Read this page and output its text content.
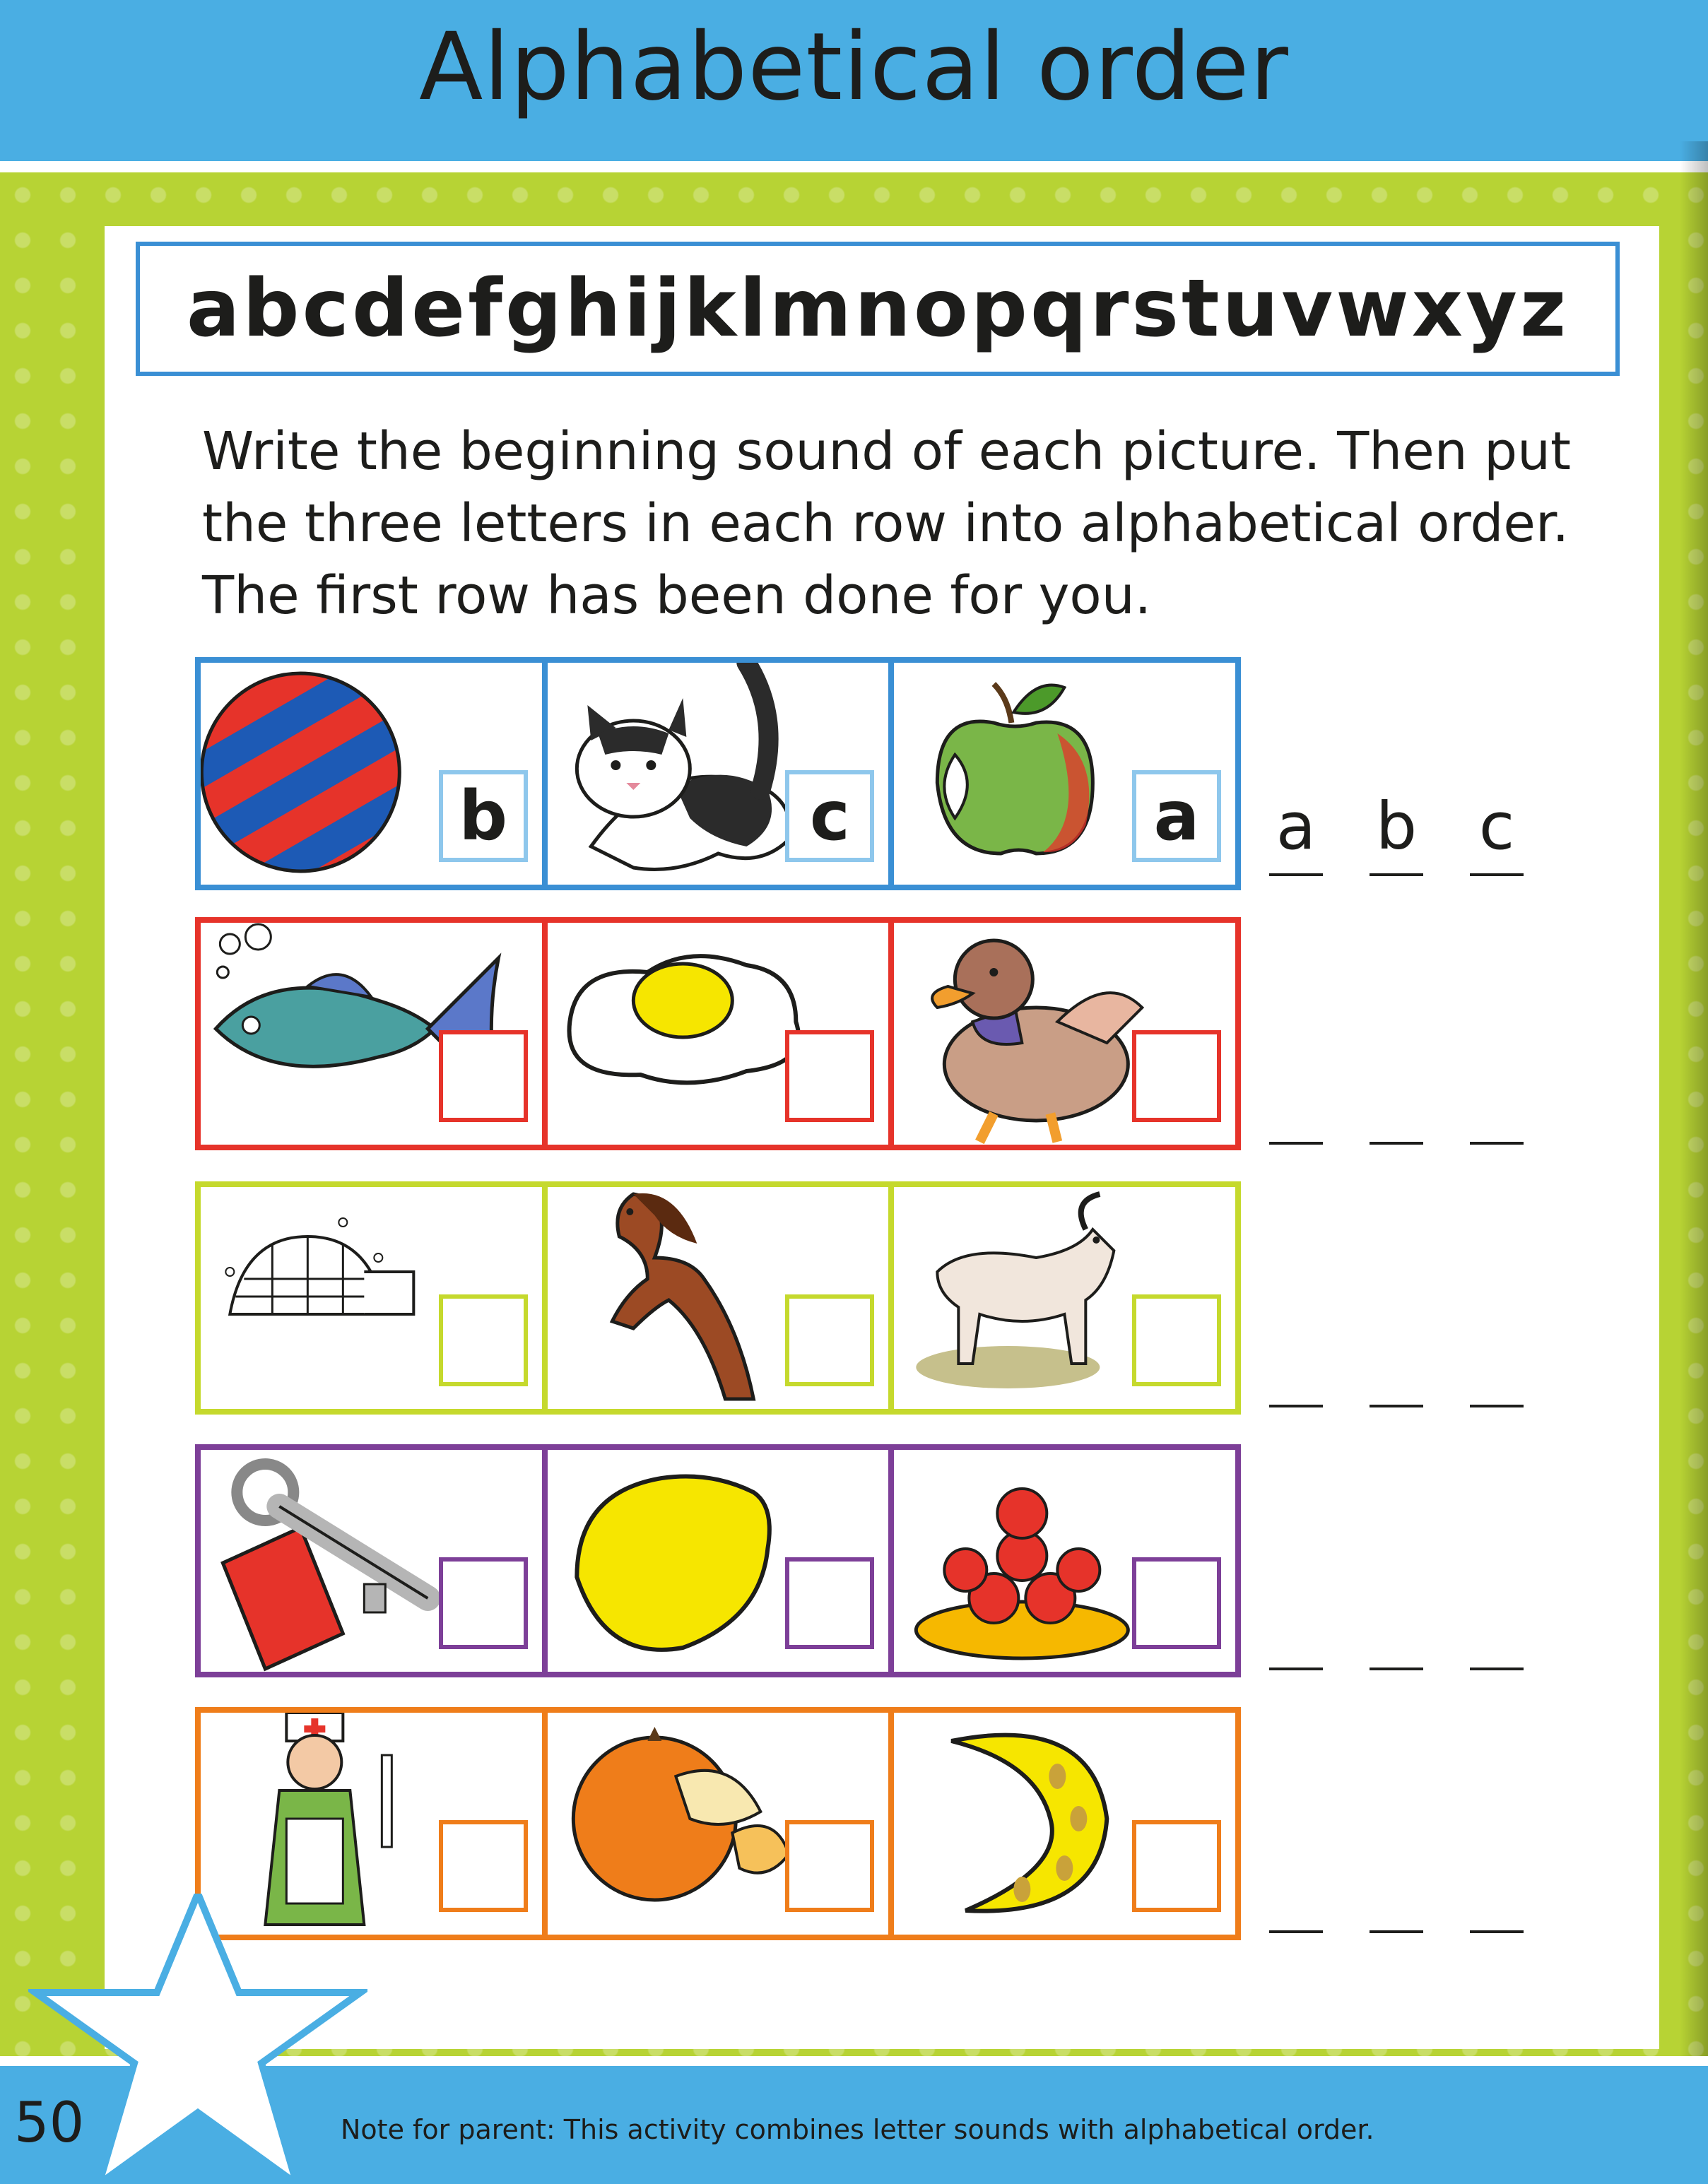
Alphabetical order
abcdefghijklmnopqrstuvwxyz
Write the beginning sound of each picture. Then put
the three letters in each row into alphabetical order.
The first row has been done for you.
b	c	a	a b c
50	Note for parent: This activity combines letter sounds with alphabetical order.
